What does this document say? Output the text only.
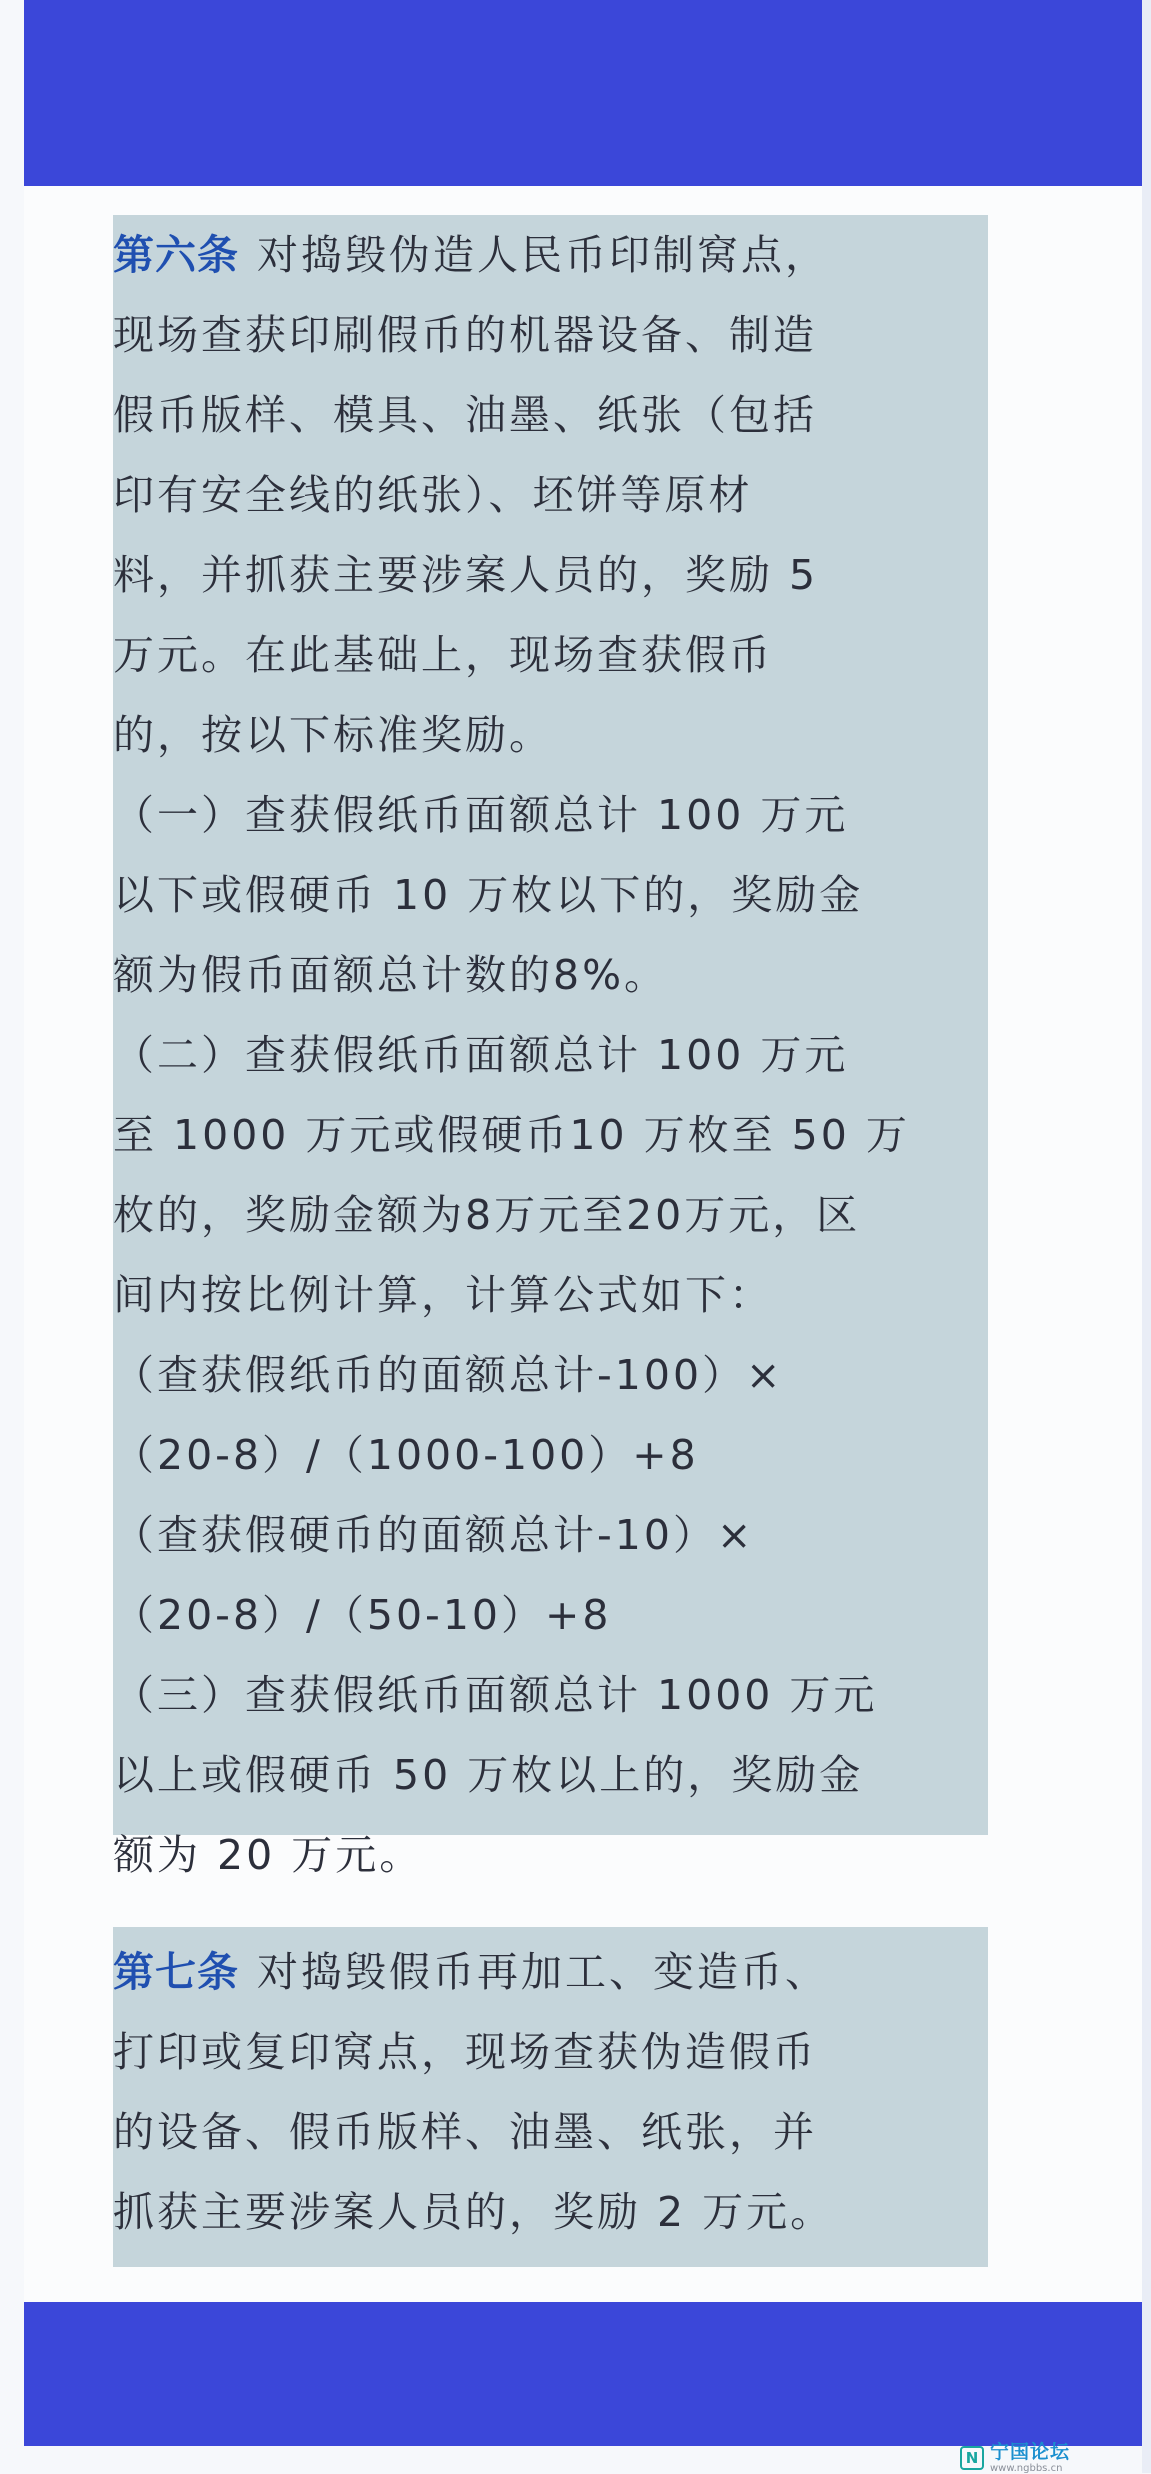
第六条 对捣毁伪造人民币印制窝点，
现场查获印刷假币的机器设备、制造
假币版样、模具、油墨、纸张（包括
印有安全线的纸张）、坯饼等原材
料，并抓获主要涉案人员的，奖励 5
万元。在此基础上，现场查获假币
的，按以下标准奖励。
（一）查获假纸币面额总计 100 万元
以下或假硬币 10 万枚以下的，奖励金
额为假币面额总计数的8%。
（二）查获假纸币面额总计 100 万元
至 1000 万元或假硬币10 万枚至 50 万
枚的，奖励金额为8万元至20万元，区
间内按比例计算，计算公式如下：
（查获假纸币的面额总计-100）×
（20-8）/（1000-100）+8
（查获假硬币的面额总计-10）×
（20-8）/（50-10）+8
（三）查获假纸币面额总计 1000 万元
以上或假硬币 50 万枚以上的，奖励金
额为 20 万元。
第七条 对捣毁假币再加工、变造币、
打印或复印窝点，现场查获伪造假币
的设备、假币版样、油墨、纸张，并
抓获主要涉案人员的，奖励 2 万元。
N 宁国论坛
www.ngbbs.cn
